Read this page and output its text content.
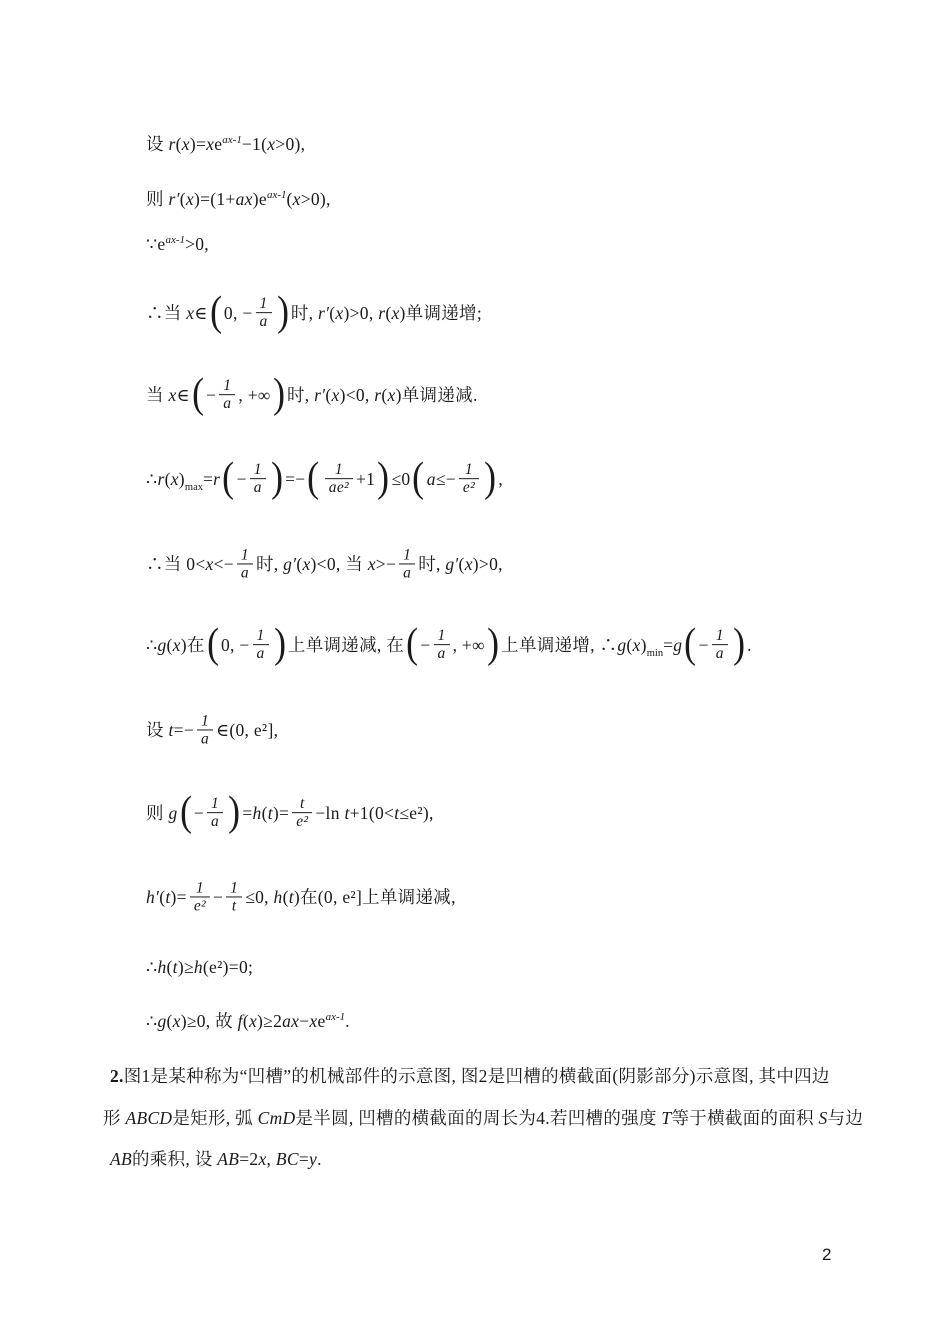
设 $r(x)=xe^{ax-1}-1(x>0)$,
则 $r'(x)=(1+ax)e^{ax-1}(x>0)$,
$\because e^{ax-1}>0$,
∴当 x∈( 0, − $\frac{1}{a}$ ) 时, r′(x)>0, r(x)单调递增;
当 x∈( − $\frac{1}{a}$ , +∞) 时, r′(x)<0, r(x)单调递减.
$\therefore r(x)_{max}=r( - \frac{1}{a}$ ) =−( $\frac{1}{\text{ae²}} +1) \le 0$( $a\le- \frac{1}{\text{e²}}$ ) ,
∴当 $0<x<- \frac{1}{a}$ 时, g′(x)<0, 当 $x>- \frac{1}{a}$ 时, g′(x)>0,
∴g(x)在( 0, − $\frac{1}{a}$ ) 上单调递减, 在( − $\frac{1}{a}$ , +∞) 上单调递增, $\therefore g(x)_{min}=g( - \frac{1}{a}$ ) .
设 $t=- \frac{1}{a}$ ∈(0, e²],
则 $g( - \frac{1}{a}$ ) $=h(t)= \frac{t}{\text{e²}} -\ln$ t+1(0<t≤e²),
$h'(t)= \frac{1}{\text{e²}} - \frac{1}{t} \le 0$, h(t)在(0, e²]上单调递减,
∴h(t)≥h(e²)=0;
∴g(x)≥0, 故 $f(x)\ge 2ax-xe^{ax-1}$.
2.图1是某种称为“凹槽”的机械部件的示意图, 图2是凹槽的横截面(阴影部分)示意图, 其中四边
形 ABCD是矩形, 弧 CmD是半圆, 凹槽的横截面的周长为4.若凹槽的强度 T等于横截面的面积 S与边
AB的乘积, 设 AB=2x, BC=y.
2
